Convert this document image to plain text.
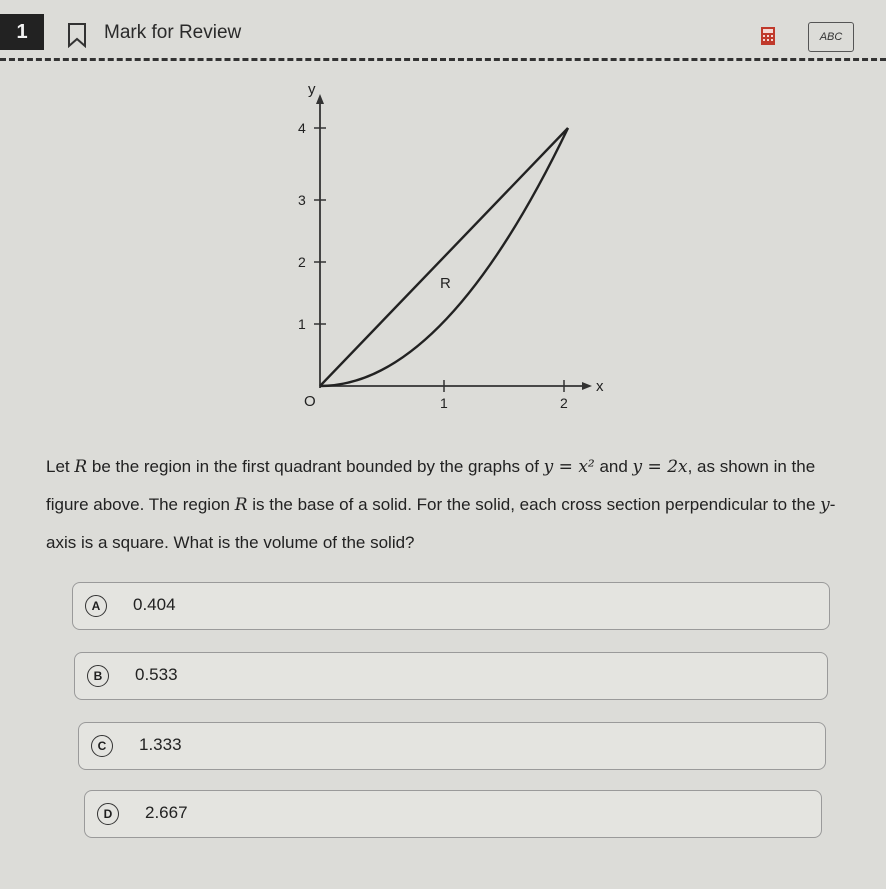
1	Mark for Review	ABC
y
x
O
1
2
3
4
1	2
R
Let R be the region in the first quadrant bounded by the graphs of y = x² and y = 2x, as shown in the figure above. The region R is the base of a solid. For the solid, each cross section perpendicular to the y-axis is a square. What is the volume of the solid?
A	0.404
B	0.533
C	1.333
D	2.667
